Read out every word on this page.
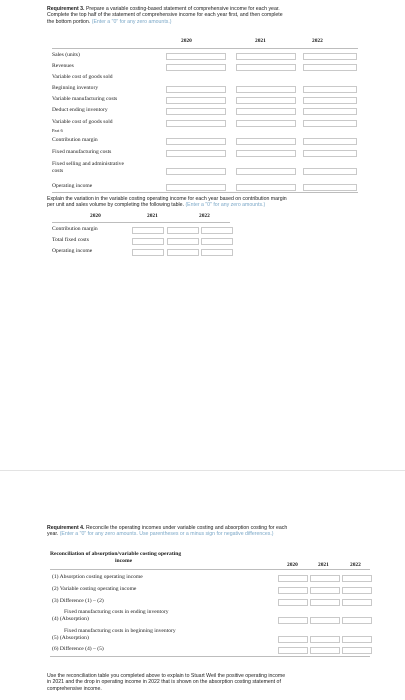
Requirement 3. Prepare a variable costing-based statement of comprehensive income for each year.
Complete the top half of the statement of comprehensive income for each year first, and then complete
the bottom portion. (Enter a "0" for any zero amounts.)
2020	2021	2022
Sales (units)
Revenues
Variable cost of goods sold
Beginning inventory
Variable manufacturing costs
Deduct ending inventory
Variable cost of goods sold
Part 6
Contribution margin
Fixed manufacturing costs
Fixed selling and administrative
costs
Operating income
Explain the variation in the variable costing operating income for each year based on contribution margin
per unit and sales volume by completing the following table. (Enter a "0" for any zero amounts.)
2020	2021	2022
Contribution margin
Total fixed costs
Operating income
Requirement 4. Reconcile the operating incomes under variable costing and absorption costing for each
year. (Enter a "0" for any zero amounts. Use parentheses or a minus sign for negative differences.)
Reconciliation of absorption/variable costing operating
income
2020	2021	2022
(1) Absorption costing operating income
(2) Variable costing operating income
(3) Difference (1) – (2)
Fixed manufacturing costs in ending inventory
(4) (Absorption)
Fixed manufacturing costs in beginning inventory
(5) (Absorption)
(6) Difference (4) – (5)
Use the reconciliation table you completed above to explain to Stuart Weil the positive operating income
in 2021 and the drop in operating income in 2022 that is shown on the absorption costing statement of
comprehensive income.
